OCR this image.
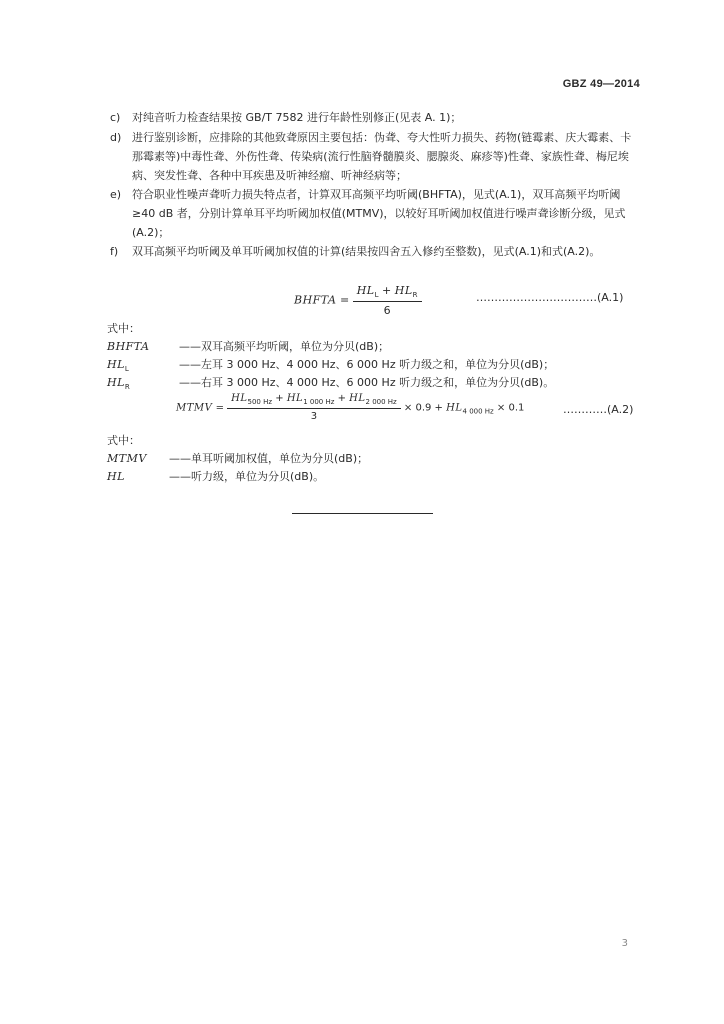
GBZ 49—2014
c)	对纯音听力检查结果按 GB/T 7582 进行年龄性别修正(见表 A. 1)；
d) 进行鉴别诊断，应排除的其他致聋原因主要包括：伪聋、夸大性听力损失、药物(链霉素、庆大霉素、卡那霉素等)中毒性聋、外伤性聋、传染病(流行性脑脊髓膜炎、腮腺炎、麻疹等)性聋、家族性聋、梅尼埃病、突发性聋、各种中耳疾患及听神经瘤、听神经病等；
e) 符合职业性噪声聋听力损失特点者，计算双耳高频平均听阈(BHFTA)，见式(A.1)，双耳高频平均听阈≥40 dB 者，分别计算单耳平均听阈加权值(MTMV)，以较好耳听阈加权值进行噪声聋诊断分级，见式(A.2)；
f)	双耳高频平均听阈及单耳听阈加权值的计算(结果按四舍五入修约至整数)，见式(A.1)和式(A.2)。
BHFTA = $\frac{HL_L + HL_R}{6}$	……………………………(A.1)
式中：
BHFTA	——双耳高频平均听阈，单位为分贝(dB)；
$HL_L$	——左耳 3 000 Hz、4 000 Hz、6 000 Hz 听力级之和，单位为分贝(dB)；
$HL_R$	——右耳 3 000 Hz、4 000 Hz、6 000 Hz 听力级之和，单位为分贝(dB)。
MTMV =
$HL_{500 Hz} + HL_{1 000 Hz} + HL_{2 000 Hz}$
3
× $0.9 + HL_{4 000 Hz} \times 0.1$	…………(A.2)
式中：
MTMV ——单耳听阈加权值，单位为分贝(dB)；
HL	——听力级，单位为分贝(dB)。
3
